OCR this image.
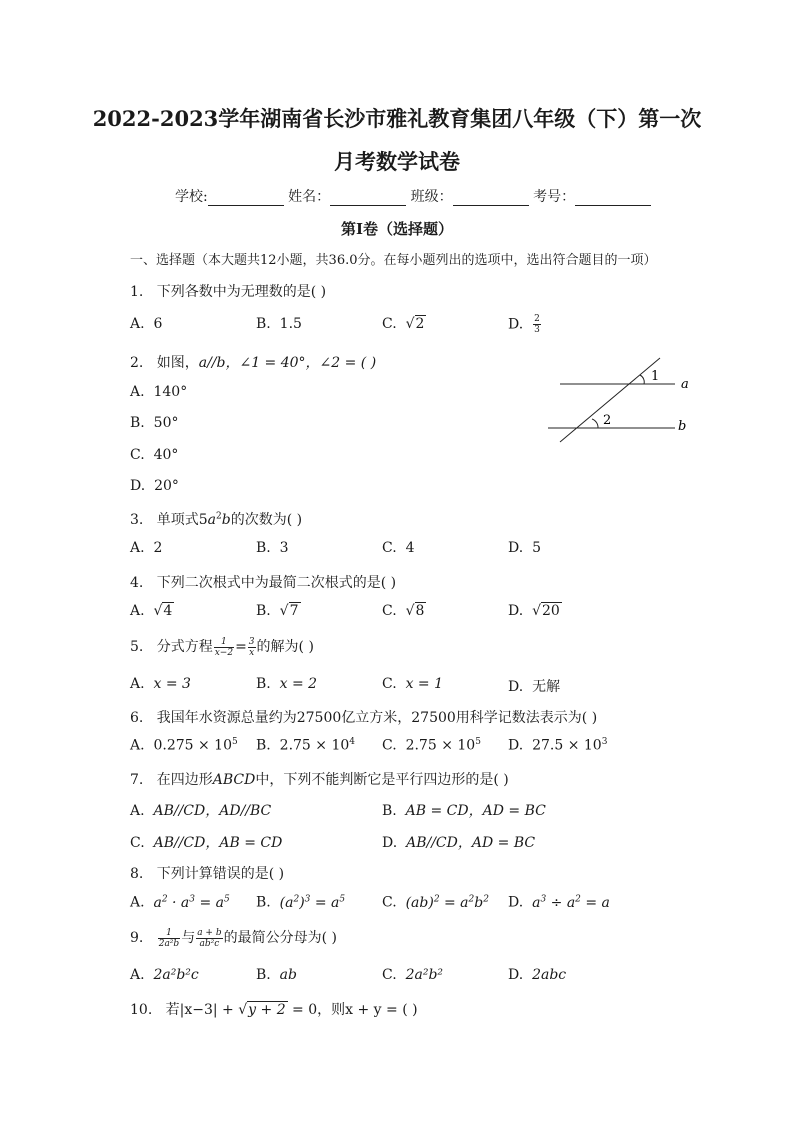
2022-2023学年湖南省长沙市雅礼教育集团八年级（下）第一次
月考数学试卷
学校:	姓名：	班级：	考号：
第I卷（选择题）
一、选择题（本大题共12小题，共36.0分。在每小题列出的选项中，选出符合题目的一项）
1. 下列各数中为无理数的是( )
A. 6	B. 1.5	C. √2	D. $\frac{2}{3}$
2. 如图，a//b，∠1 = 40°，∠2 = ( )
A. 140°
B. 50°
C. 40°
D. 20°
1
2
a
b
3. 单项式$5a^2b$的次数为( )
A. 2	B. 3	C. 4	D. 5
4. 下列二次根式中为最简二次根式的是( )
A. √4	B. √7	C. √8	D. √20
5. 分式方程 $\frac{1}{x-2} = \frac{3}{x}$ 的解为( )
A. x = 3	B. x = 2	C. x = 1	D. 无解
6. 我国年水资源总量约为27500亿立方米，27500用科学记数法表示为( )
A. $0.275 \times 10^5$ B. $2.75 \times 10^4$ C. $2.75 \times 10^5$ D. $27.5 \times 10^3$
7. 在四边形ABCD中，下列不能判断它是平行四边形的是( )
A. AB//CD，AD//BC	B. AB = CD，AD = BC
C. AB//CD，AB = CD	D. AB//CD，AD = BC
8. 下列计算错误的是( )
A. $a^2 \cdot a^3 = a^5$ B. $(a^2)^3 = a^5$	C. $(ab)^2 = a^2b^2$ D. $a^3 \div a^2 = a$
9. $\frac{1}{\text{2a²b}}$ 与 $\frac{a + b}{\text{ab²c}}$ 的最简公分母为( )
A. 2a²b²c	B. ab	C. 2a²b²	D. 2abc
10. 若|x−3| + √y + 2 = 0，则x + y = ( )
